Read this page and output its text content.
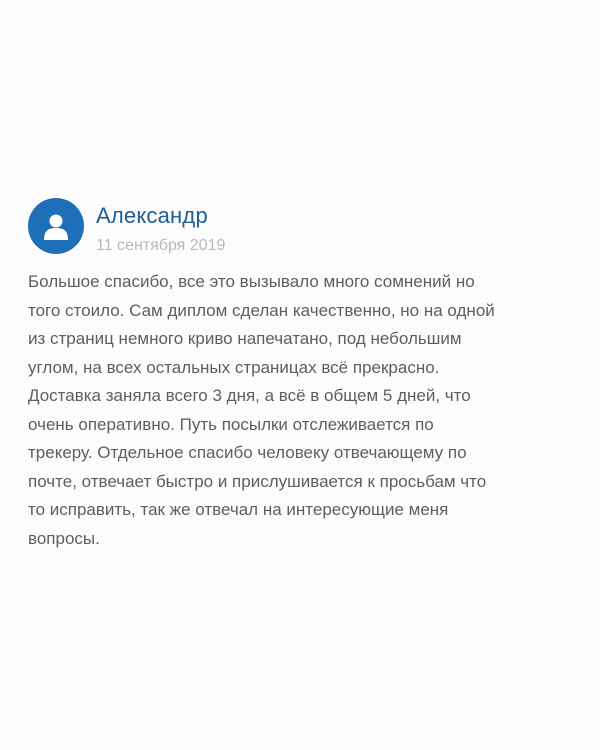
Александр
11 сентября 2019
Большое спасибо, все это вызывало много сомнений но
того стоило. Сам диплом сделан качественно, но на одной
из страниц немного криво напечатано, под небольшим
углом, на всех остальных страницах всё прекрасно.
Доставка заняла всего 3 дня, а всё в общем 5 дней, что
очень оперативно. Путь посылки отслеживается по
трекеру. Отдельное спасибо человеку отвечающему по
почте, отвечает быстро и прислушивается к просьбам что
то исправить, так же отвечал на интересующие меня
вопросы.
